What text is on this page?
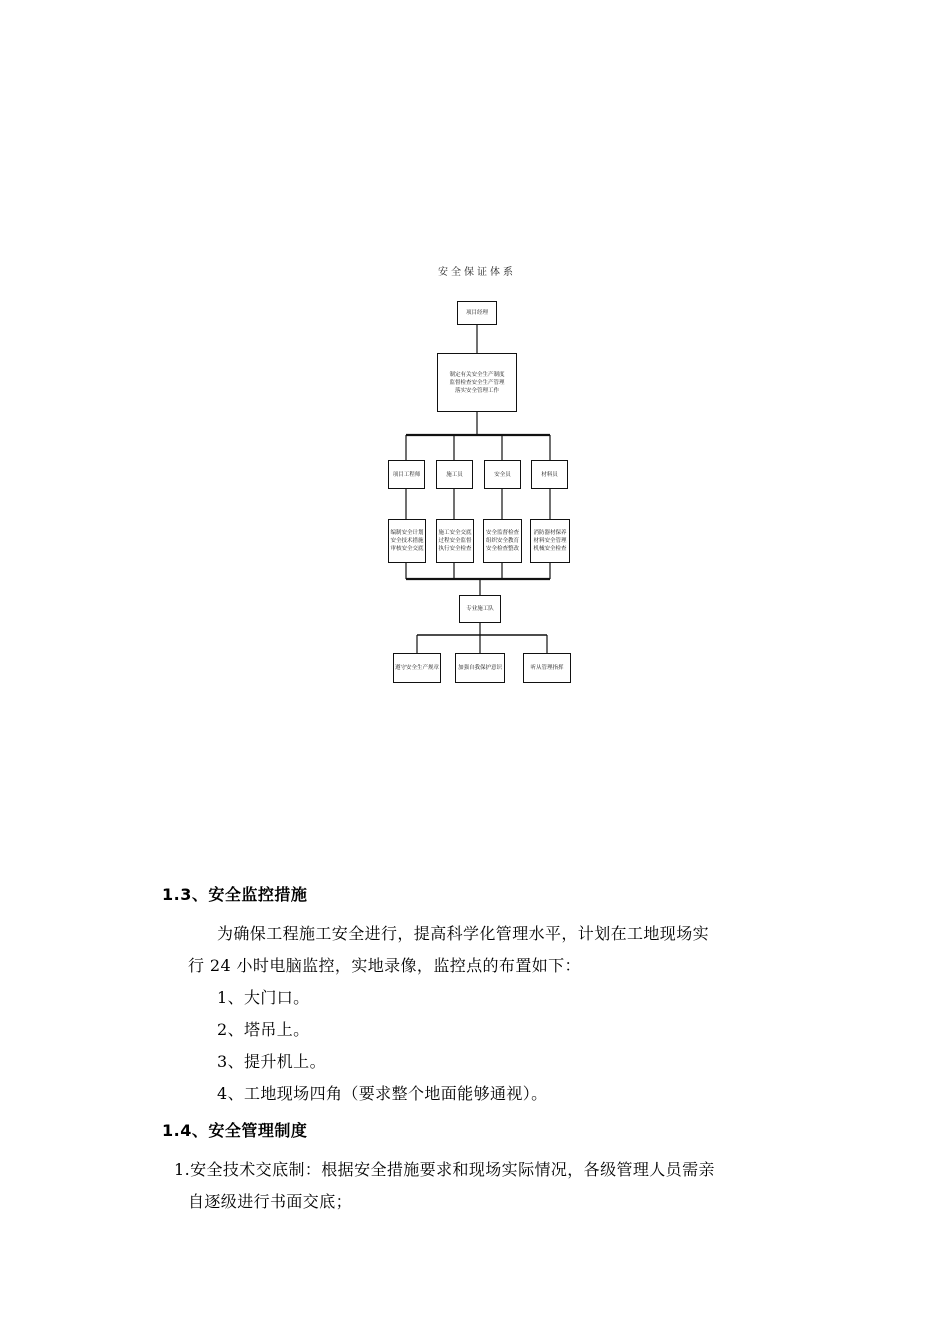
安全保证体系
项目经理
制定有关安全生产制度
监督检查安全生产管理
落实安全管理工作
项目工程师	施工员	安全员	材料员
编制安全计划
安全技术措施
审核安全交底
施工安全交底
过程安全监督
执行安全检查
安全监督检查
组织安全教育
安全检查整改
消防器材保养
材料安全管理
机械安全检查
专业施工队
遵守安全生产规章	加强自我保护意识	听从管理指挥
1.3、安全监控措施
为确保工程施工安全进行，提高科学化管理水平，计划在工地现场实
行 24 小时电脑监控，实地录像，监控点的布置如下：
1、大门口。
2、塔吊上。
3、提升机上。
4、工地现场四角（要求整个地面能够通视）。
1.4、安全管理制度
1.安全技术交底制：根据安全措施要求和现场实际情况，各级管理人员需亲
自逐级进行书面交底；
